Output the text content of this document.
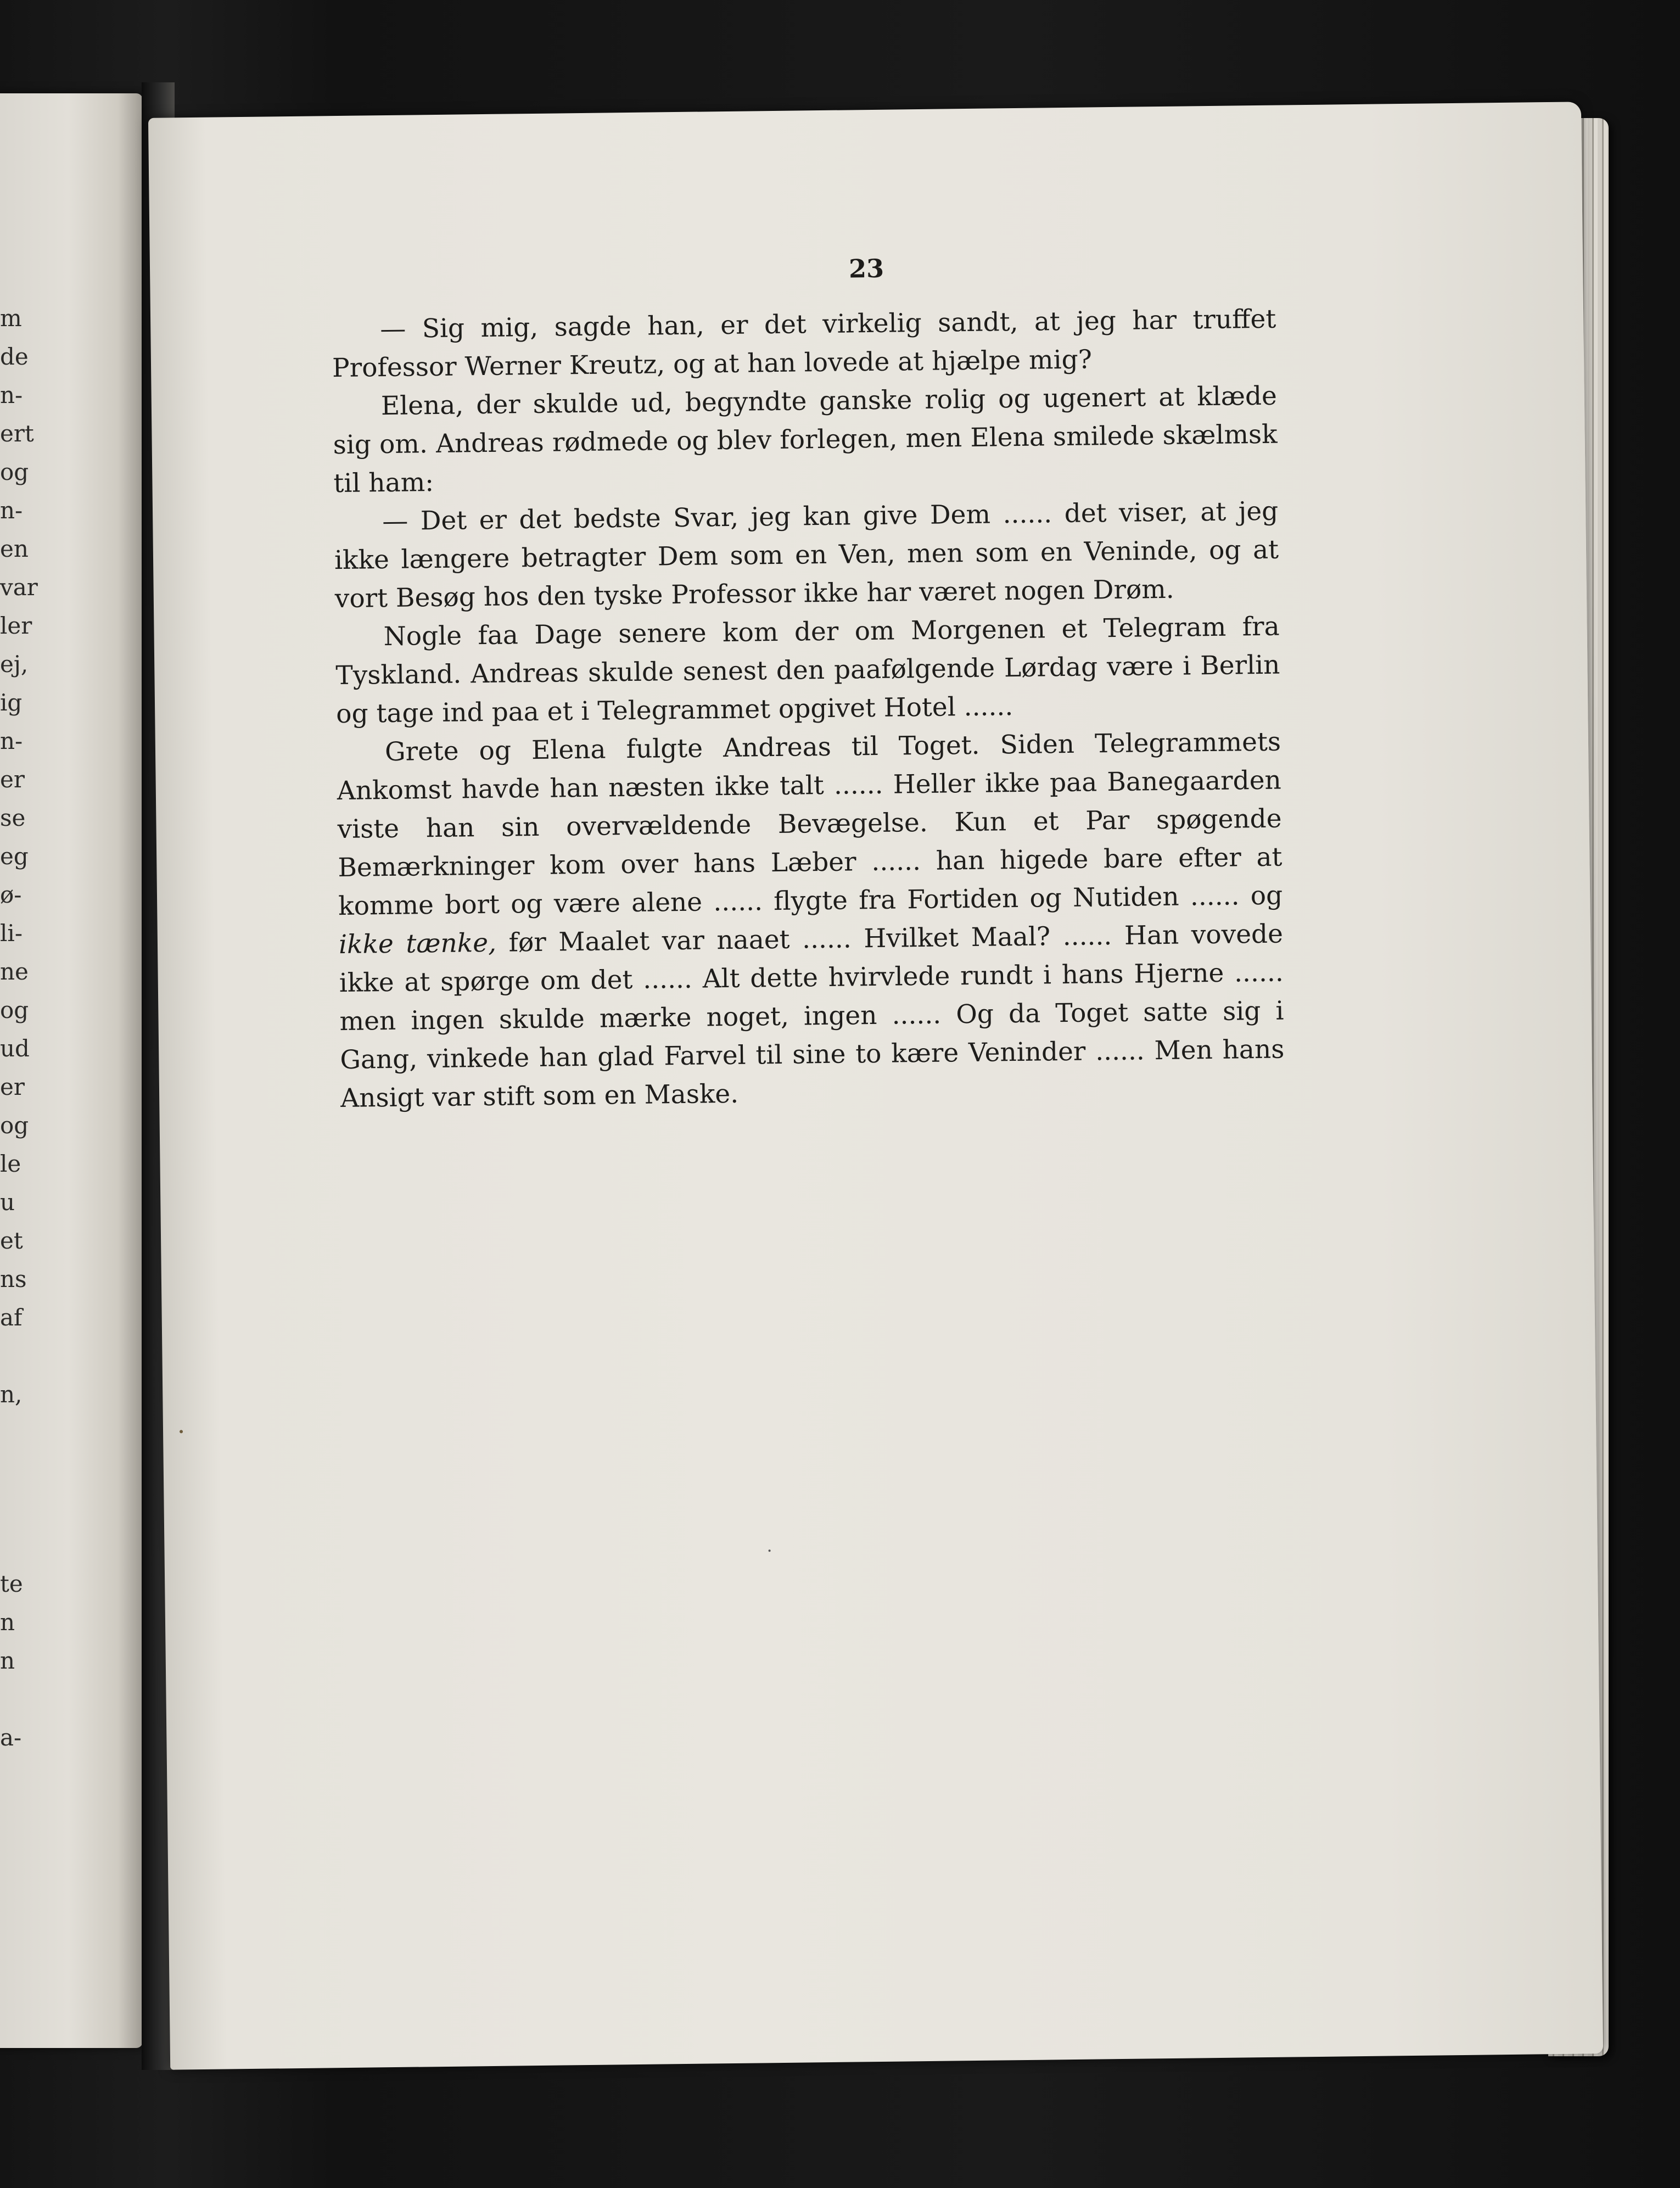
m
de
n-
ert
og
n-
en
var
ler
ej,
ig
n-
er
se
eg
ø-
li-
ne
og
ud
er
og
le
u
et
ns
af
n,
te
n
n
a-
23

— Sig mig, sagde han, er det virkelig sandt, at jeg har truffet Professor Werner Kreutz, og at han lovede at hjælpe mig?

Elena, der skulde ud, begyndte ganske rolig og ugenert at klæde sig om. Andreas rødmede og blev forlegen, men Elena smilede skælmsk til ham:

— Det er det bedste Svar, jeg kan give Dem ...... det viser, at jeg ikke længere betragter Dem som en Ven, men som en Veninde, og at vort Besøg hos den tyske Professor ikke har været nogen Drøm.

Nogle faa Dage senere kom der om Morgenen et Telegram fra Tyskland. Andreas skulde senest den paafølgende Lørdag være i Berlin og tage ind paa et i Telegrammet opgivet Hotel ......

Grete og Elena fulgte Andreas til Toget. Siden Telegrammets Ankomst havde han næsten ikke talt ...... Heller ikke paa Banegaarden viste han sin overvældende Bevægelse. Kun et Par spøgende Bemærkninger kom over hans Læber ...... han higede bare efter at komme bort og være alene ...... flygte fra Fortiden og Nutiden ...... og ikke tænke, før Maalet var naaet ...... Hvilket Maal? ...... Han vovede ikke at spørge om det ...... Alt dette hvirvlede rundt i hans Hjerne ...... men ingen skulde mærke noget, ingen ...... Og da Toget satte sig i Gang, vinkede han glad Farvel til sine to kære Veninder ...... Men hans Ansigt var stift som en Maske.
